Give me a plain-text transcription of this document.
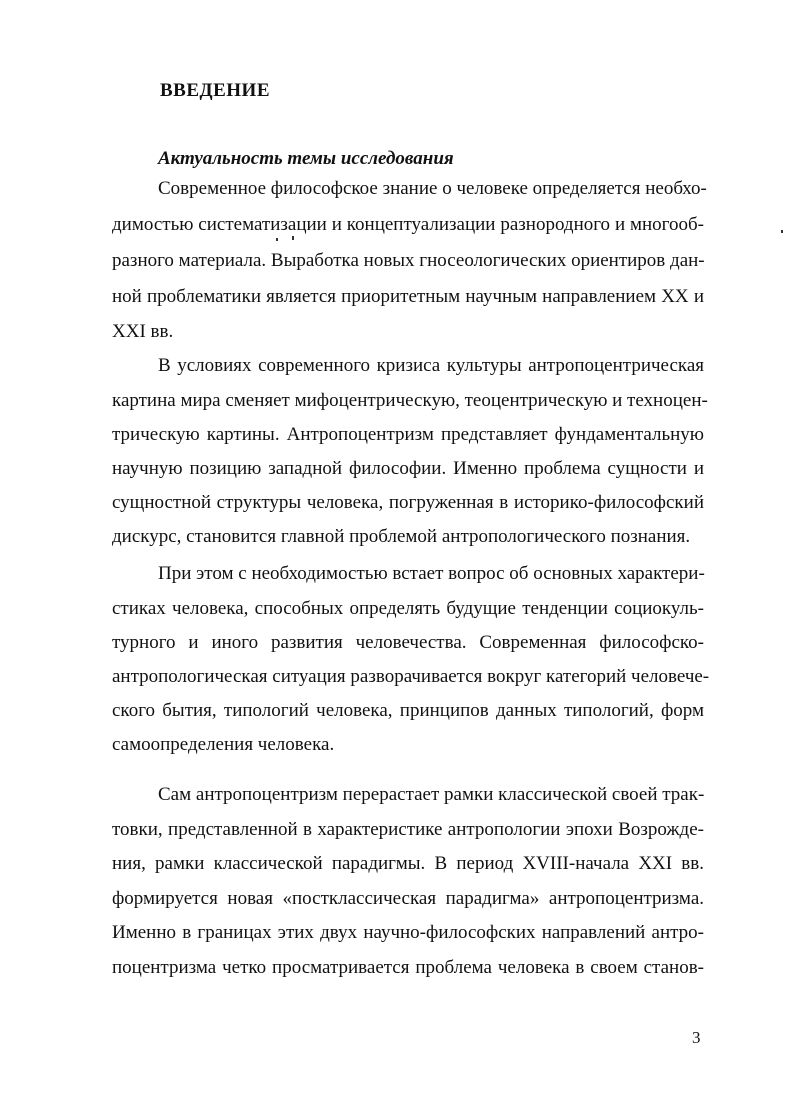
ВВЕДЕНИЕ
Актуальность темы исследования
Современное философское знание о человеке определяется необхо-
димостью систематизации и концептуализации разнородного и многооб-
разного материала. Выработка новых гносеологических ориентиров дан-
ной проблематики является приоритетным научным направлением XX и
XXI вв.
В условиях современного кризиса культуры антропоцентрическая
картина мира сменяет мифоцентрическую, теоцентрическую и техноцен-
трическую картины. Антропоцентризм представляет фундаментальную
научную позицию западной философии. Именно проблема сущности и
сущностной структуры человека, погруженная в историко-философский
дискурс, становится главной проблемой антропологического познания.
При этом с необходимостью встает вопрос об основных характери-
стиках человека, способных определять будущие тенденции социокуль-
турного и иного развития человечества. Современная философско-
антропологическая ситуация разворачивается вокруг категорий человече-
ского бытия, типологий человека, принципов данных типологий, форм
самоопределения человека.
Сам антропоцентризм перерастает рамки классической своей трак-
товки, представленной в характеристике антропологии эпохи Возрожде-
ния, рамки классической парадигмы. В период XVIII-начала XXI вв.
формируется новая «постклассическая парадигма» антропоцентризма.
Именно в границах этих двух научно-философских направлений антро-
поцентризма четко просматривается проблема человека в своем станов-
3
